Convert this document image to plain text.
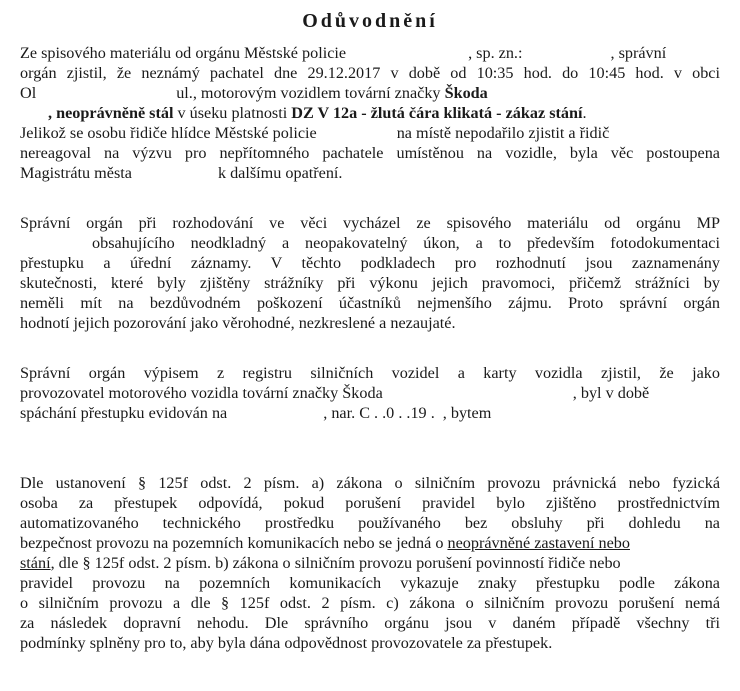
Odůvodnění
Ze spisového materiálu od orgánu Městské policie	, sp. zn.:	, správní
orgán zjistil, že neznámý pachatel dne 29.12.2017 v době od 10:35 hod. do 10:45 hod. v obci
Ol	ul., motorovým vozidlem tovární značky Škoda
, neoprávněně stál v úseku platnosti DZ V 12a - žlutá čára klikatá - zákaz stání.
Jelikož se osobu řidiče hlídce Městské policie	na místě nepodařilo zjistit a řidič
nereagoval na výzvu pro nepřítomného pachatele umístěnou na vozidle, byla věc postoupena
Magistrátu města	k dalšímu opatření.
Správní orgán při rozhodování ve věci vycházel ze spisového materiálu od orgánu MP
obsahujícího neodkladný a neopakovatelný úkon, a to především fotodokumentaci
přestupku a úřední záznamy. V těchto podkladech pro rozhodnutí jsou zaznamenány
skutečnosti, které byly zjištěny strážníky při výkonu jejich pravomoci, přičemž strážníci by
neměli mít na bezdůvodném poškození účastníků nejmenšího zájmu. Proto správní orgán
hodnotí jejich pozorování jako věrohodné, nezkreslené a nezaujaté.
Správní orgán výpisem z registru silničních vozidel a karty vozidla zjistil, že jako
provozovatel motorového vozidla tovární značky Škoda	, byl v době
spáchání přestupku evidován na	, nar. C . .0 . .19 . , bytem
Dle ustanovení § 125f odst. 2 písm. a) zákona o silničním provozu právnická nebo fyzická
osoba za přestupek odpovídá, pokud porušení pravidel bylo zjištěno prostřednictvím
automatizovaného technického prostředku používaného bez obsluhy při dohledu na
bezpečnost provozu na pozemních komunikacích nebo se jedná o neoprávněné zastavení nebo
stání, dle § 125f odst. 2 písm. b) zákona o silničním provozu porušení povinností řidiče nebo
pravidel provozu na pozemních komunikacích vykazuje znaky přestupku podle zákona
o silničním provozu a dle § 125f odst. 2 písm. c) zákona o silničním provozu porušení nemá
za následek dopravní nehodu. Dle správního orgánu jsou v daném případě všechny tři
podmínky splněny pro to, aby byla dána odpovědnost provozovatele za přestupek.
